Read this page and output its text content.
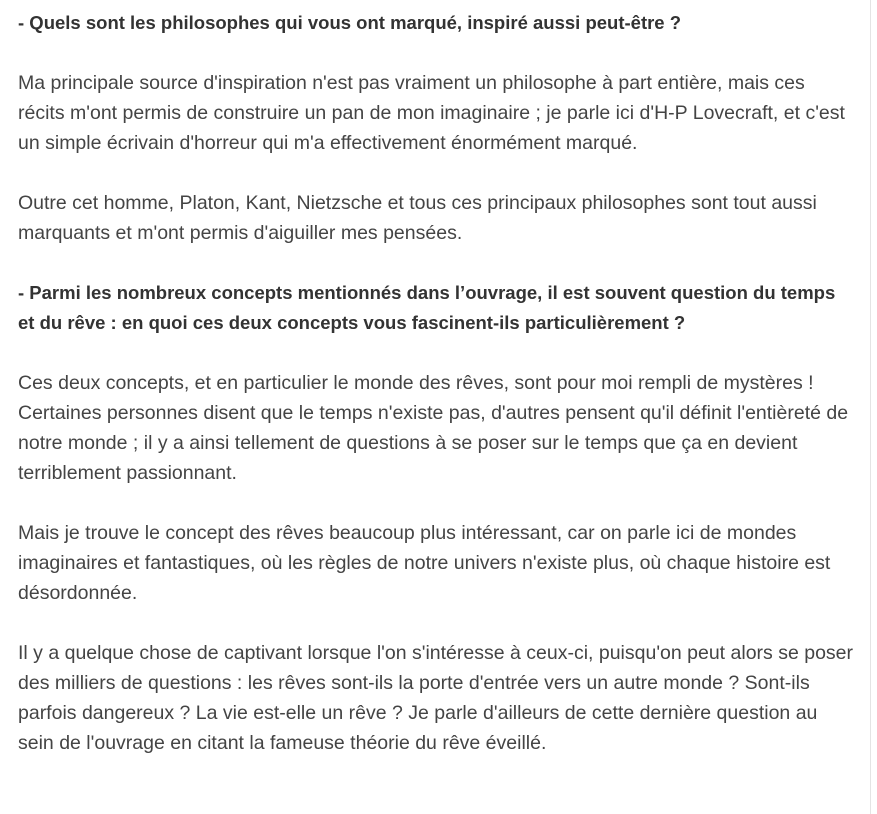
- Quels sont les philosophes qui vous ont marqué, inspiré aussi peut-être ?

Ma principale source d'inspiration n'est pas vraiment un philosophe à part entière, mais ces récits m'ont permis de construire un pan de mon imaginaire ; je parle ici d'H-P Lovecraft, et c'est un simple écrivain d'horreur qui m'a effectivement énormément marqué.

Outre cet homme, Platon, Kant, Nietzsche et tous ces principaux philosophes sont tout aussi marquants et m'ont permis d'aiguiller mes pensées.

- Parmi les nombreux concepts mentionnés dans l’ouvrage, il est souvent question du temps et du rêve : en quoi ces deux concepts vous fascinent-ils particulièrement ?

Ces deux concepts, et en particulier le monde des rêves, sont pour moi rempli de mystères ! Certaines personnes disent que le temps n'existe pas, d'autres pensent qu'il définit l'entièreté de notre monde ; il y a ainsi tellement de questions à se poser sur le temps que ça en devient terriblement passionnant.

Mais je trouve le concept des rêves beaucoup plus intéressant, car on parle ici de mondes imaginaires et fantastiques, où les règles de notre univers n'existe plus, où chaque histoire est désordonnée.

Il y a quelque chose de captivant lorsque l'on s'intéresse à ceux-ci, puisqu'on peut alors se poser des milliers de questions : les rêves sont-ils la porte d'entrée vers un autre monde ? Sont-ils parfois dangereux ? La vie est-elle un rêve ? Je parle d'ailleurs de cette dernière question au sein de l'ouvrage en citant la fameuse théorie du rêve éveillé.
